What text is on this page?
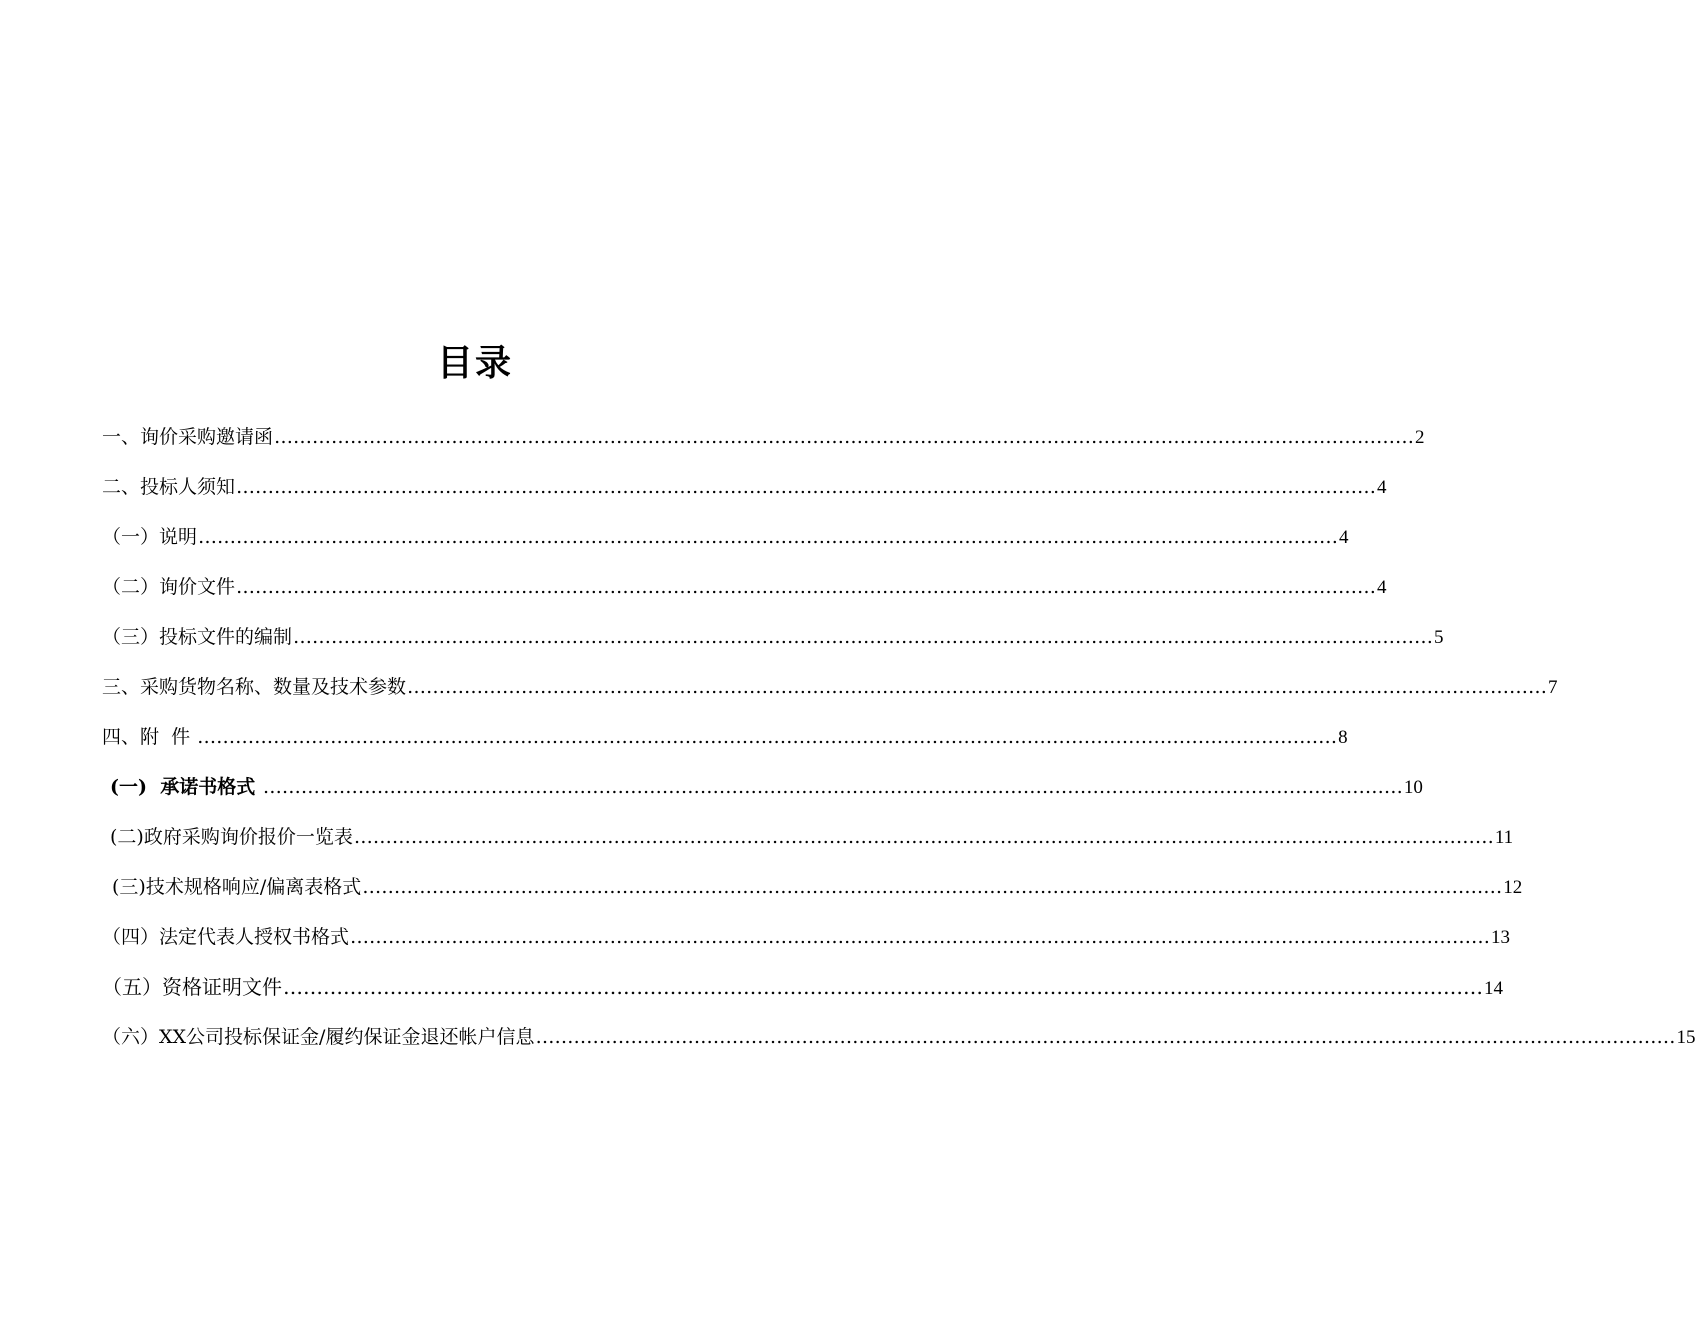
目录
一、询价采购邀请函 ……………………………………………………………………………………………………………………………………………………………… 2
二、投标人须知 ……………………………………………………………………………………………………………………………………………………………… 4
（一）说明 ……………………………………………………………………………………………………………………………………………………………… 4
（二）询价文件 ……………………………………………………………………………………………………………………………………………………………… 4
（三）投标文件的编制 ……………………………………………………………………………………………………………………………………………………………… 5
三、采购货物名称、数量及技术参数 ……………………………………………………………………………………………………………………………………………………………… 7
四、附  件 ……………………………………………………………………………………………………………………………………………………………… 8
(一)  承诺书格式 ……………………………………………………………………………………………………………………………………………………………… 10
(二)政府采购询价报价一览表 ……………………………………………………………………………………………………………………………………………………………… 11
(三)技术规格响应/偏离表格式 ……………………………………………………………………………………………………………………………………………………………… 12
（四）法定代表人授权书格式 ……………………………………………………………………………………………………………………………………………………………… 13
（五）资格证明文件 ……………………………………………………………………………………………………………………………………………………………… 14
（六）XX公司投标保证金/履约保证金退还帐户信息 ……………………………………………………………………………………………………………………………………………………………… 15
